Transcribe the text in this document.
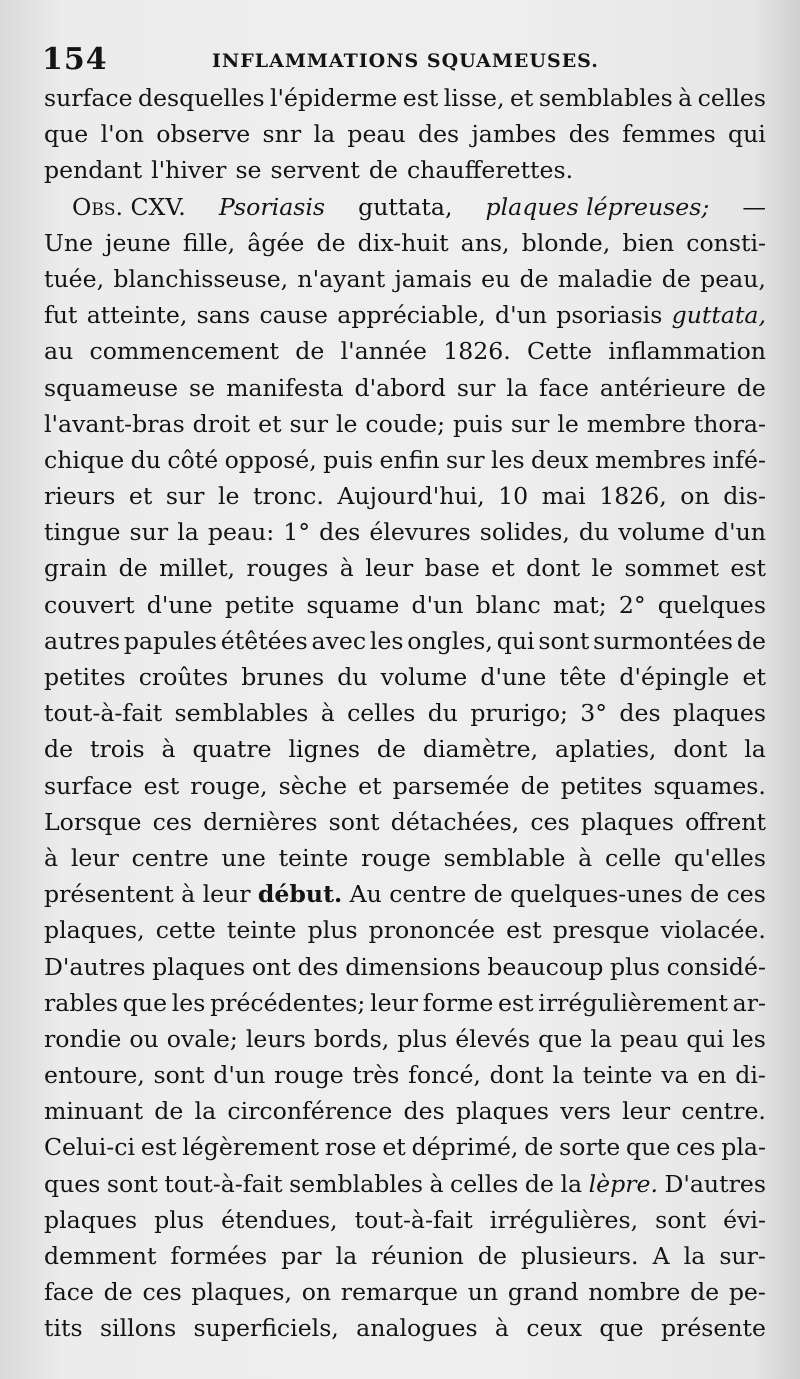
154	INFLAMMATIONS SQUAMEUSES.
surface desquelles l'épiderme est lisse, et semblables à celles
que l'on observe snr la peau des jambes des femmes qui
pendant l'hiver se servent de chaufferettes.
Obs. CXV. Psoriasis guttata, plaques lépreuses; —
Une jeune fille, âgée de dix-huit ans, blonde, bien consti-
tuée, blanchisseuse, n'ayant jamais eu de maladie de peau,
fut atteinte, sans cause appréciable, d'un psoriasis guttata,
au commencement de l'année 1826. Cette inflammation
squameuse se manifesta d'abord sur la face antérieure de
l'avant-bras droit et sur le coude; puis sur le membre thora-
chique du côté opposé, puis enfin sur les deux membres infé-
rieurs et sur le tronc. Aujourd'hui, 10 mai 1826, on dis-
tingue sur la peau: 1° des élevures solides, du volume d'un
grain de millet, rouges à leur base et dont le sommet est
couvert d'une petite squame d'un blanc mat; 2° quelques
autres papules étêtées avec les ongles, qui sont surmontées de
petites croûtes brunes du volume d'une tête d'épingle et
tout-à-fait semblables à celles du prurigo; 3° des plaques
de trois à quatre lignes de diamètre, aplaties, dont la
surface est rouge, sèche et parsemée de petites squames.
Lorsque ces dernières sont détachées, ces plaques offrent
à leur centre une teinte rouge semblable à celle qu'elles
présentent à leur début. Au centre de quelques-unes de ces
plaques, cette teinte plus prononcée est presque violacée.
D'autres plaques ont des dimensions beaucoup plus considé-
rables que les précédentes; leur forme est irrégulièrement ar-
rondie ou ovale; leurs bords, plus élevés que la peau qui les
entoure, sont d'un rouge très foncé, dont la teinte va en di-
minuant de la circonférence des plaques vers leur centre.
Celui-ci est légèrement rose et déprimé, de sorte que ces pla-
ques sont tout-à-fait semblables à celles de la lèpre. D'autres
plaques plus étendues, tout-à-fait irrégulières, sont évi-
demment formées par la réunion de plusieurs. A la sur-
face de ces plaques, on remarque un grand nombre de pe-
tits sillons superficiels, analogues à ceux que présente
